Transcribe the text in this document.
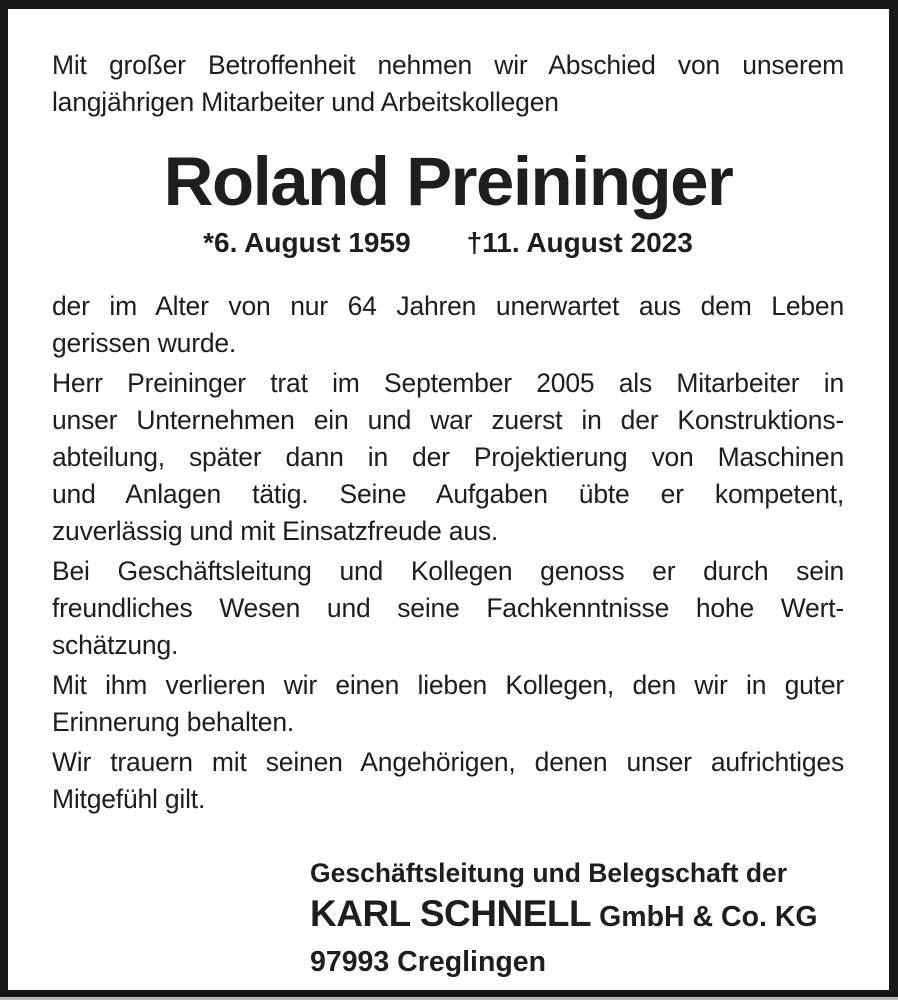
Mit großer Betroffenheit nehmen wir Abschied von unserem
langjährigen Mitarbeiter und Arbeitskollegen

Roland Preininger
*6. August 1959 †11. August 2023

der im Alter von nur 64 Jahren unerwartet aus dem Leben
gerissen wurde.

Herr Preininger trat im September 2005 als Mitarbeiter in
unser Unternehmen ein und war zuerst in der Konstruktions-
abteilung, später dann in der Projektierung von Maschinen
und Anlagen tätig. Seine Aufgaben übte er kompetent,
zuverlässig und mit Einsatzfreude aus.

Bei Geschäftsleitung und Kollegen genoss er durch sein
freundliches Wesen und seine Fachkenntnisse hohe Wert-
schätzung.

Mit ihm verlieren wir einen lieben Kollegen, den wir in guter
Erinnerung behalten.

Wir trauern mit seinen Angehörigen, denen unser aufrichtiges
Mitgefühl gilt.

Geschäftsleitung und Belegschaft der
KARL SCHNELL GmbH & Co. KG
97993 Creglingen
